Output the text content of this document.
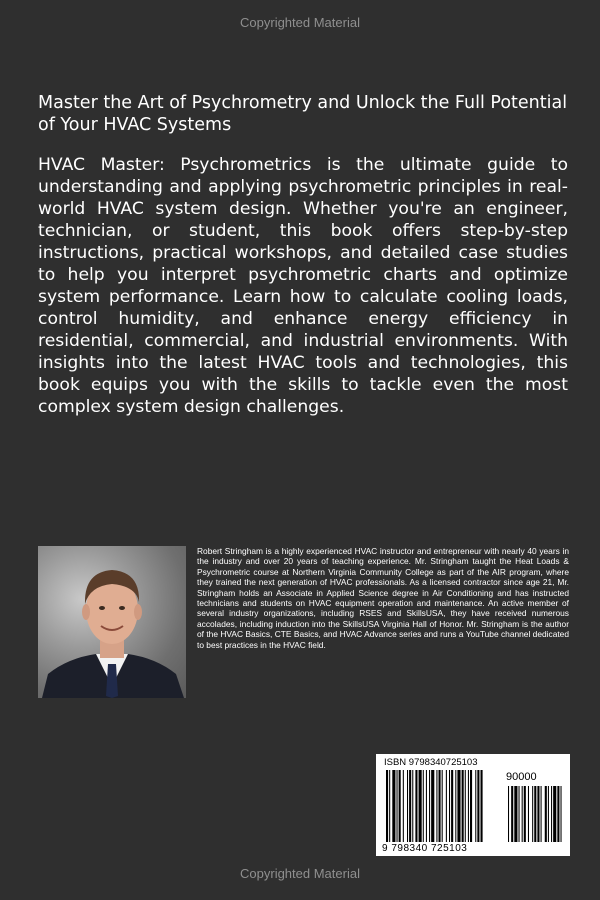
Copyrighted Material

Master the Art of Psychrometry and Unlock the Full Potential of Your HVAC Systems

HVAC Master: Psychrometrics is the ultimate guide to understanding and applying psychrometric principles in real-world HVAC system design. Whether you're an engineer, technician, or student, this book offers step-by-step instructions, practical workshops, and detailed case studies to help you interpret psychrometric charts and optimize system performance. Learn how to calculate cooling loads, control humidity, and enhance energy efficiency in residential, commercial, and industrial environments. With insights into the latest HVAC tools and technologies, this book equips you with the skills to tackle even the most complex system design challenges.

Robert Stringham is a highly experienced HVAC instructor and entrepreneur with nearly 40 years in the industry and over 20 years of teaching experience. Mr. Stringham taught the Heat Loads & Psychrometric course at Northern Virginia Community College as part of the AIR program, where they trained the next generation of HVAC professionals. As a licensed contractor since age 21, Mr. Stringham holds an Associate in Applied Science degree in Air Conditioning and has instructed technicians and students on HVAC equipment operation and maintenance. An active member of several industry organizations, including RSES and SkillsUSA, they have received numerous accolades, including induction into the SkillsUSA Virginia Hall of Honor. Mr. Stringham is the author of the HVAC Basics, CTE Basics, and HVAC Advance series and runs a YouTube channel dedicated to best practices in the HVAC field.

ISBN 9798340725103
90000
9 798340 725103
Copyrighted Material
